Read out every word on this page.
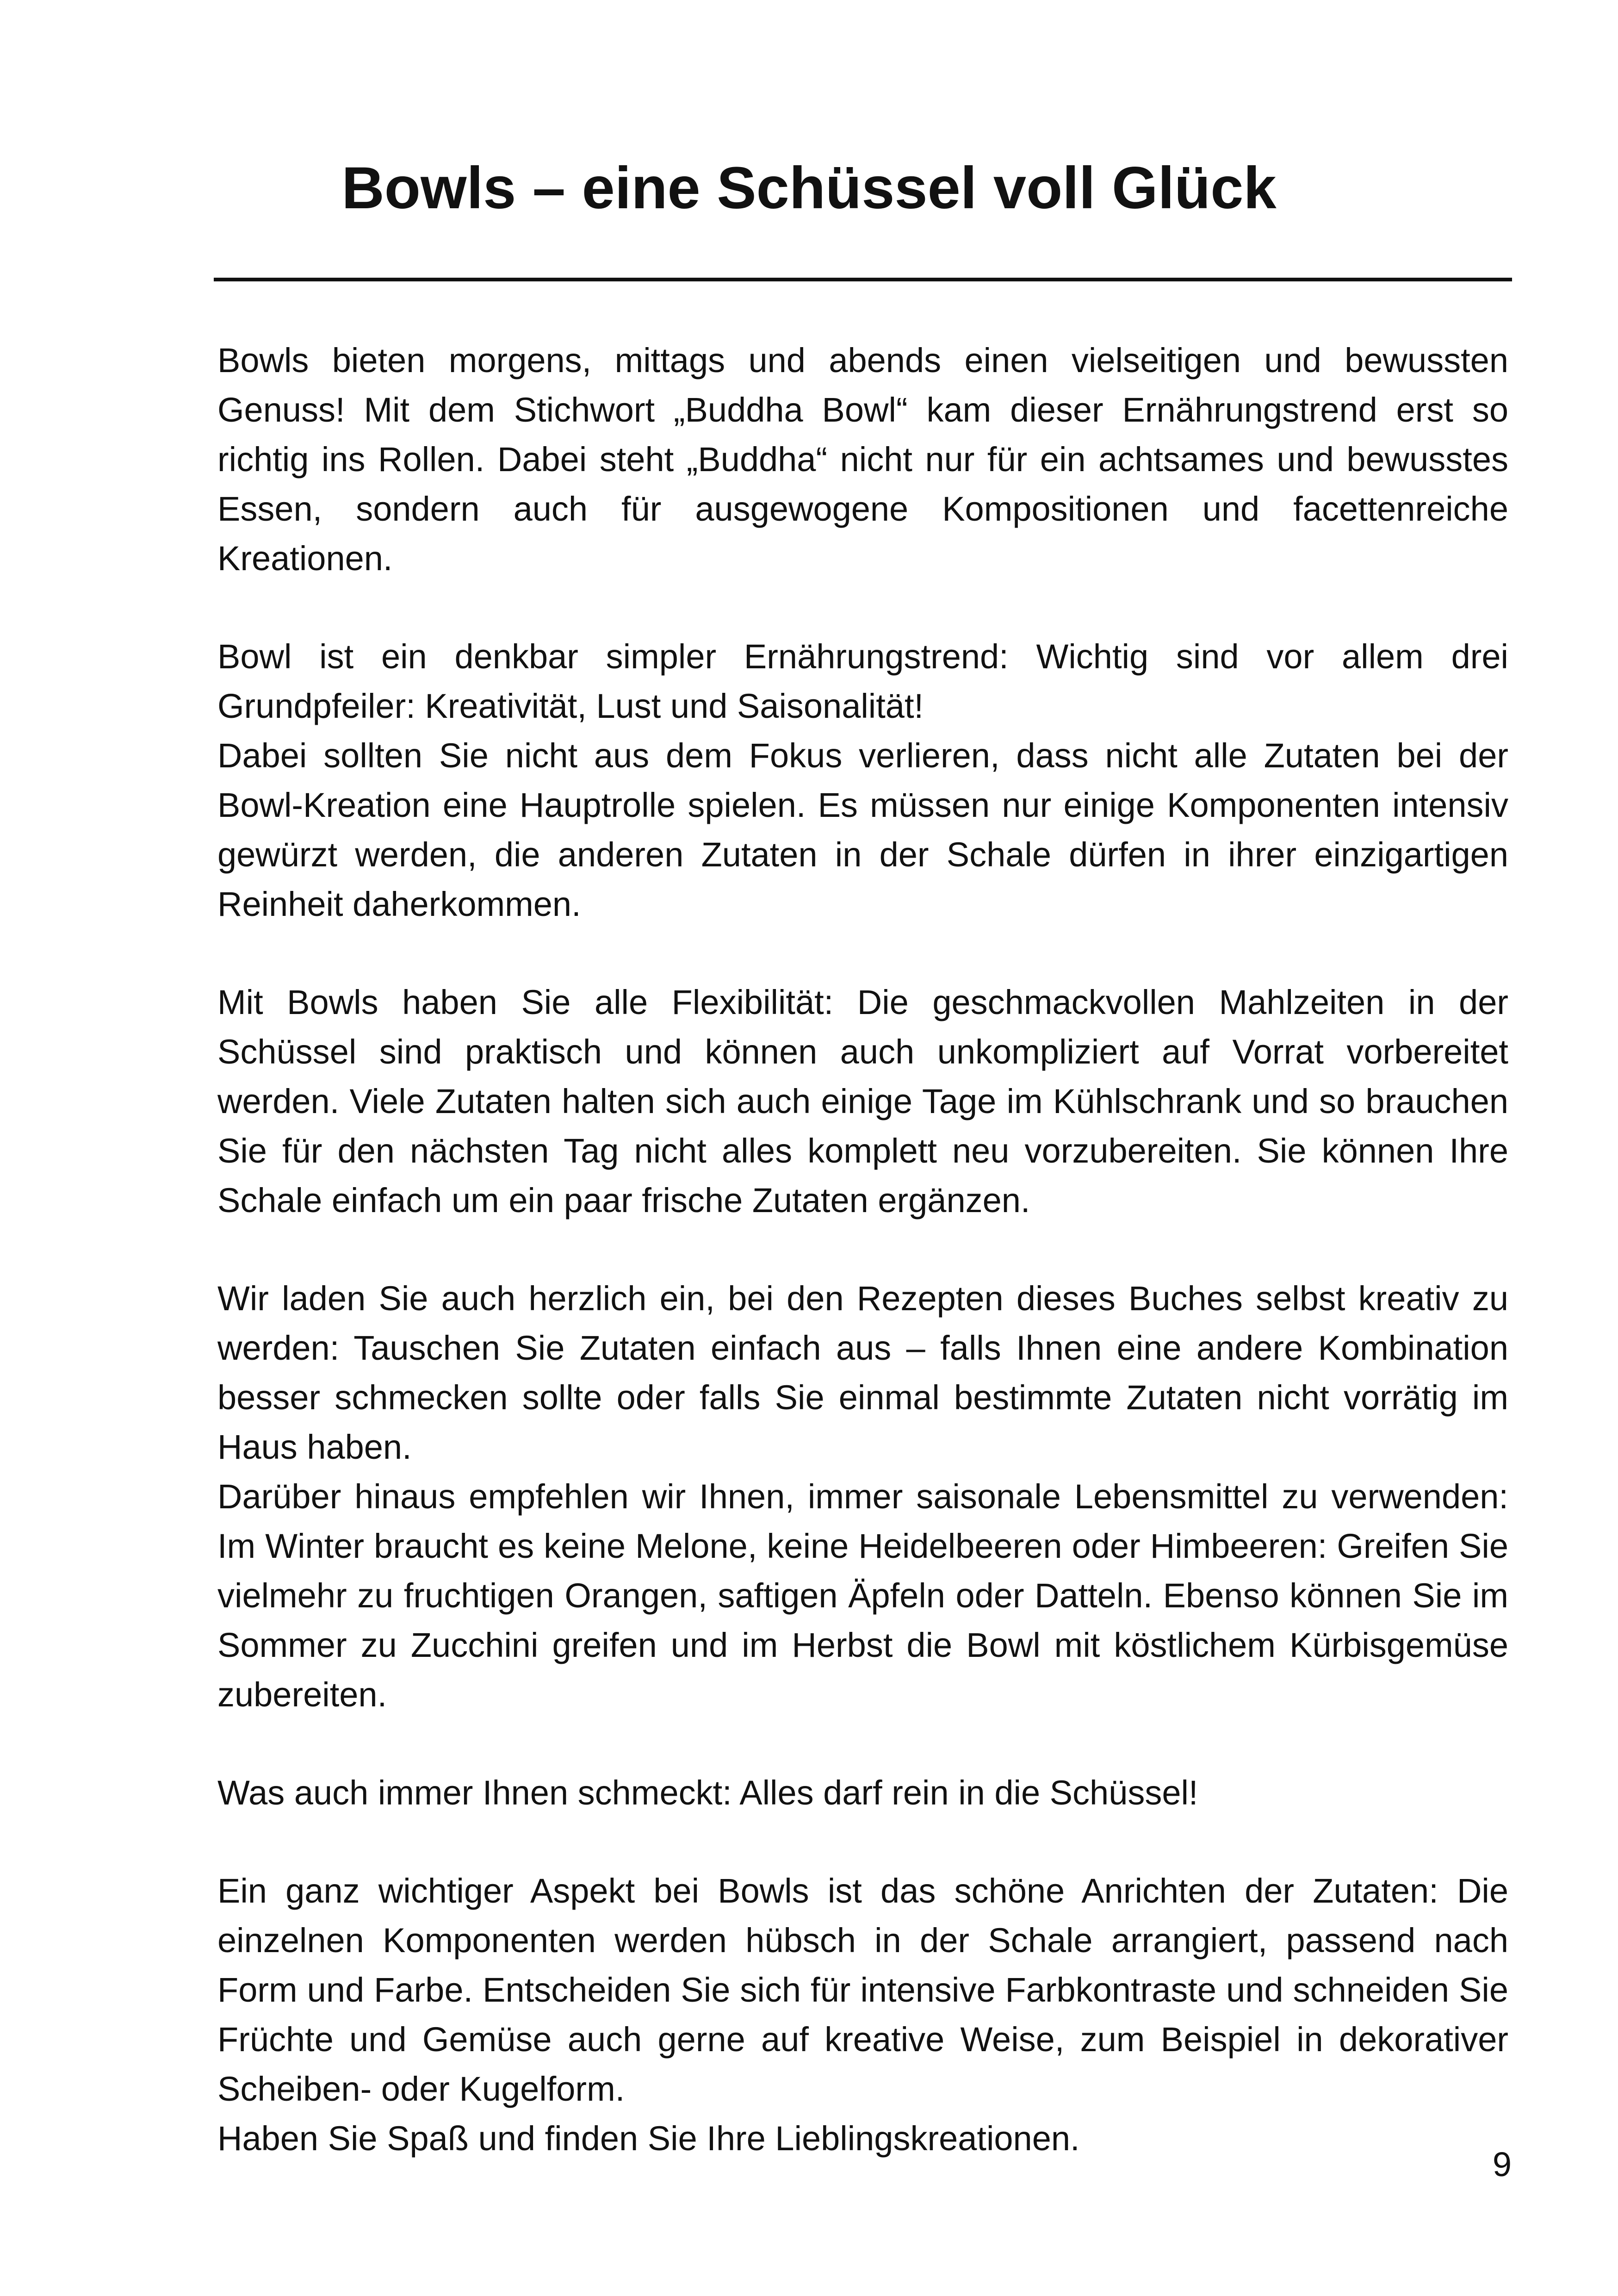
Bowls – eine Schüssel voll Glück

Bowls bieten morgens, mittags und abends einen vielseitigen und bewussten Genuss! Mit dem Stichwort „Buddha Bowl“ kam dieser Ernährungstrend erst so richtig ins Rollen. Dabei steht „Buddha“ nicht nur für ein achtsames und bewusstes Essen, sondern auch für ausgewogene Kompositionen und facettenreiche Kreationen.

Bowl ist ein denkbar simpler Ernährungstrend: Wichtig sind vor allem drei Grundpfeiler: Kreativität, Lust und Saisonalität!
Dabei sollten Sie nicht aus dem Fokus verlieren, dass nicht alle Zutaten bei der Bowl-Kreation eine Hauptrolle spielen. Es müssen nur einige Komponenten intensiv gewürzt werden, die anderen Zutaten in der Schale dürfen in ihrer einzigartigen Reinheit daherkommen.

Mit Bowls haben Sie alle Flexibilität: Die geschmackvollen Mahlzeiten in der Schüssel sind praktisch und können auch unkompliziert auf Vorrat vorbereitet werden. Viele Zutaten halten sich auch einige Tage im Kühlschrank und so brauchen Sie für den nächsten Tag nicht alles komplett neu vorzubereiten. Sie können Ihre Schale einfach um ein paar frische Zutaten ergänzen.

Wir laden Sie auch herzlich ein, bei den Rezepten dieses Buches selbst kreativ zu werden: Tauschen Sie Zutaten einfach aus – falls Ihnen eine andere Kombination besser schmecken sollte oder falls Sie einmal bestimmte Zutaten nicht vorrätig im Haus haben.
Darüber hinaus empfehlen wir Ihnen, immer saisonale Lebensmittel zu verwenden: Im Winter braucht es keine Melone, keine Heidelbeeren oder Himbeeren: Greifen Sie vielmehr zu fruchtigen Orangen, saftigen Äpfeln oder Datteln. Ebenso können Sie im Sommer zu Zucchini greifen und im Herbst die Bowl mit köstlichem Kürbisgemüse zubereiten.

Was auch immer Ihnen schmeckt: Alles darf rein in die Schüssel!

Ein ganz wichtiger Aspekt bei Bowls ist das schöne Anrichten der Zutaten: Die einzelnen Komponenten werden hübsch in der Schale arrangiert, passend nach Form und Farbe. Entscheiden Sie sich für intensive Farbkontraste und schneiden Sie Früchte und Gemüse auch gerne auf kreative Weise, zum Beispiel in dekorativer Scheiben- oder Kugelform.
Haben Sie Spaß und finden Sie Ihre Lieblingskreationen.

9
